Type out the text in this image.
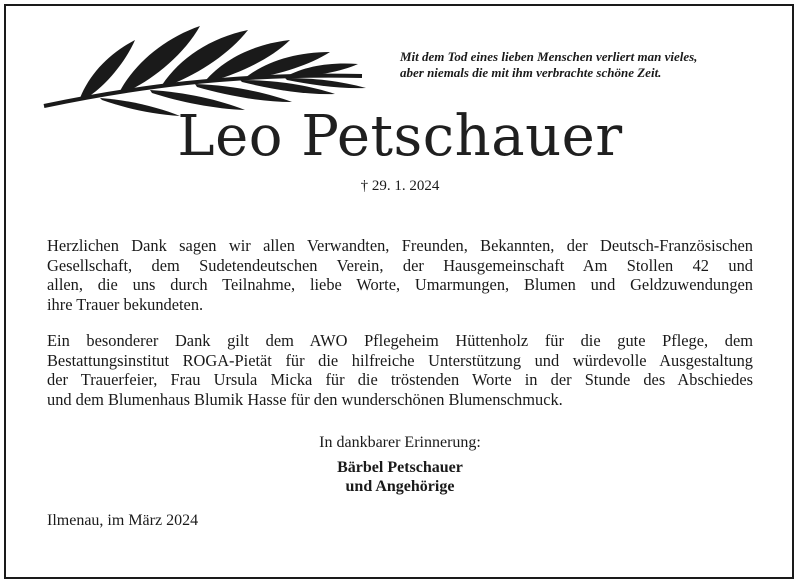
Mit dem Tod eines lieben Menschen verliert man vieles,
aber niemals die mit ihm verbrachte schöne Zeit.
Leo Petschauer
† 29. 1. 2024
Herzlichen Dank sagen wir allen Verwandten, Freunden, Bekannten, der Deutsch-Französischen
Gesellschaft, dem Sudetendeutschen Verein, der Hausgemeinschaft Am Stollen 42 und
allen, die uns durch Teilnahme, liebe Worte, Umarmungen, Blumen und Geldzuwendungen
ihre Trauer bekundeten.
Ein besonderer Dank gilt dem AWO Pflegeheim Hüttenholz für die gute Pflege, dem
Bestattungsinstitut ROGA-Pietät für die hilfreiche Unterstützung und würdevolle Ausgestaltung
der Trauerfeier, Frau Ursula Micka für die tröstenden Worte in der Stunde des Abschiedes
und dem Blumenhaus Blumik Hasse für den wunderschönen Blumenschmuck.
In dankbarer Erinnerung:
Bärbel Petschauer
und Angehörige
Ilmenau, im März 2024
